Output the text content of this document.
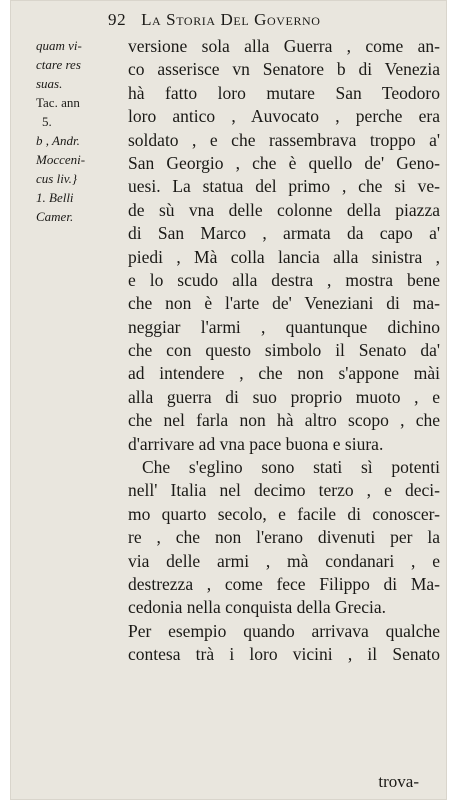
92 La Storia Del Governo
quam vi-
ctare res
suas.
Tac. ann
5.
b , Andr.
Mocceni-
cus liv.}
1. Belli
Camer.
versione sola alla Guerra , come an-
co asserisce vn Senatore b di Venezia
hà fatto loro mutare San Teodoro
loro antico , Auvocato , perche era
soldato , e che rassembrava troppo a'
San Georgio , che è quello de' Geno-
uesi. La statua del primo , che si ve-
de sù vna delle colonne della piazza
di San Marco , armata da capo a'
piedi , Mà colla lancia alla sinistra ,
e lo scudo alla destra , mostra bene
che non è l'arte de' Veneziani di ma-
neggiar l'armi , quantunque dichino
che con questo simbolo il Senato da'
ad intendere , che non s'appone mài
alla guerra di suo proprio muoto , e
che nel farla non hà altro scopo , che
d'arrivare ad vna pace buona e siura.
Che s'eglino sono stati sì potenti
nell' Italia nel decimo terzo , e deci-
mo quarto secolo, e facile di conoscer-
re , che non l'erano divenuti per la
via delle armi , mà condanari , e
destrezza , come fece Filippo di Ma-
cedonia nella conquista della Grecia.
Per esempio quando arrivava qualche
contesa trà i loro vicini , il Senato
trova-
